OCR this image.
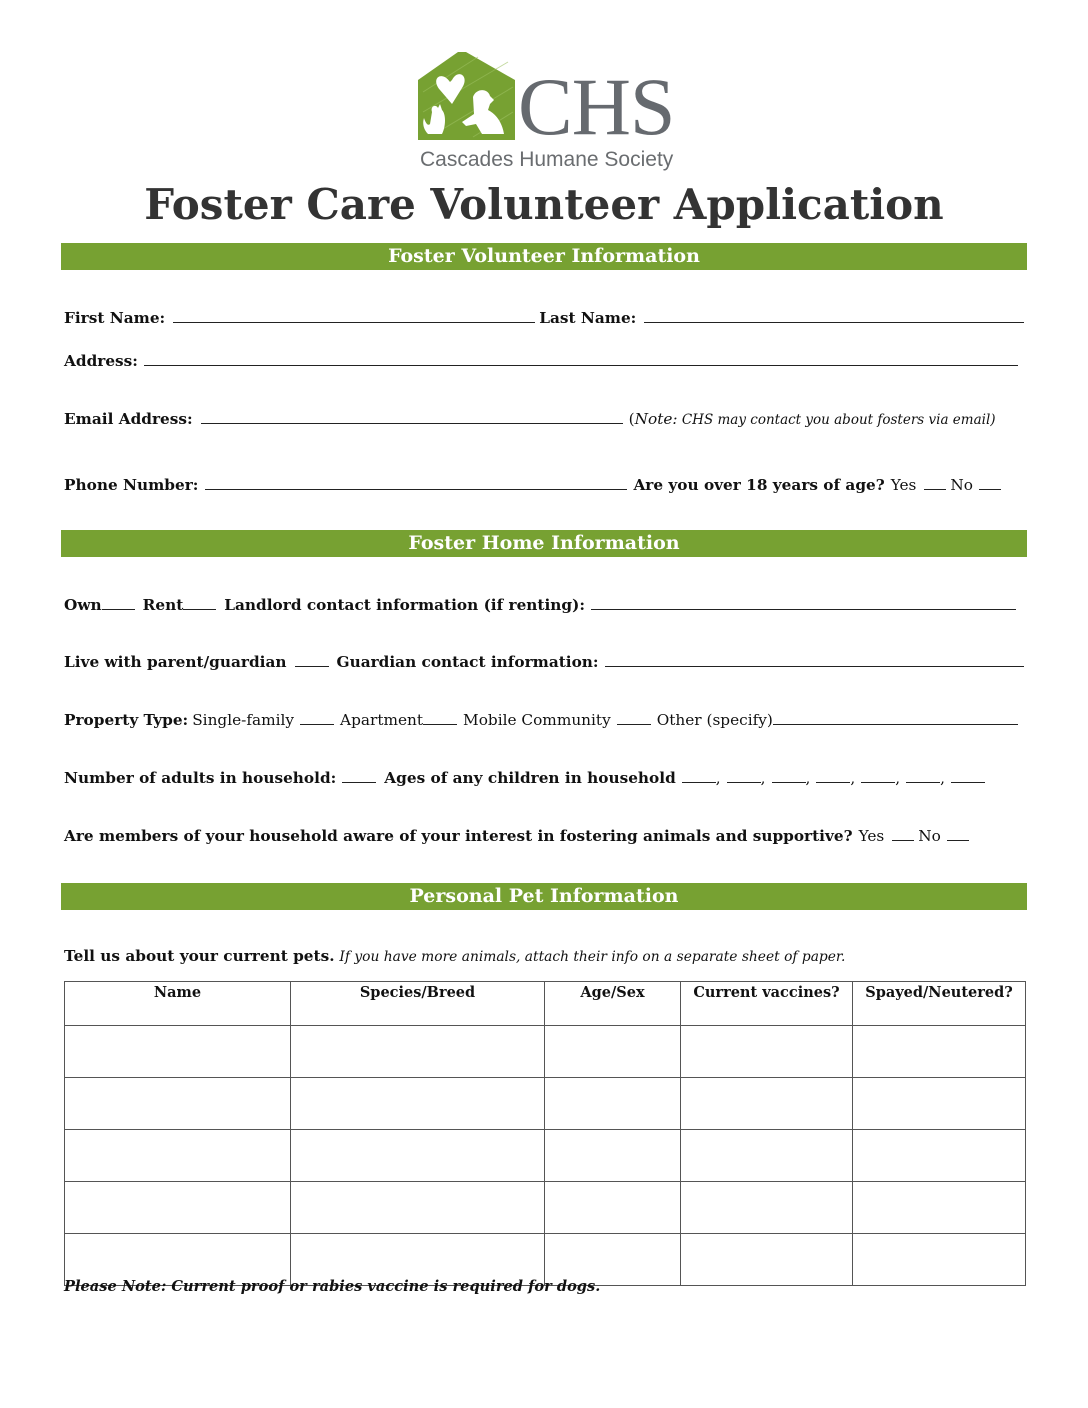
CHS
Cascades Humane Society
Foster Care Volunteer Application
Foster Volunteer Information
First Name:	Last Name:
Address:
Email Address:	( Note: CHS may contact you about fosters via email)
Phone Number:	Are you over 18 years of age? Yes No
Foster Home Information
Own	Rent	Landlord contact information (if renting):
Live with parent/guardian	Guardian contact information:
Property Type: Single-family	Apartment	Mobile Community	Other (specify)
Number of adults in household:	Ages of any children in household	,	,	,	,	,	,
Are members of your household aware of your interest in fostering animals and supportive? Yes No
Personal Pet Information
Tell us about your current pets. If you have more animals, attach their info on a separate sheet of paper.
Name	Species/Breed	Age/Sex	Current vaccines?	Spayed/Neutered?

Please Note: Current proof or rabies vaccine is required for dogs.
